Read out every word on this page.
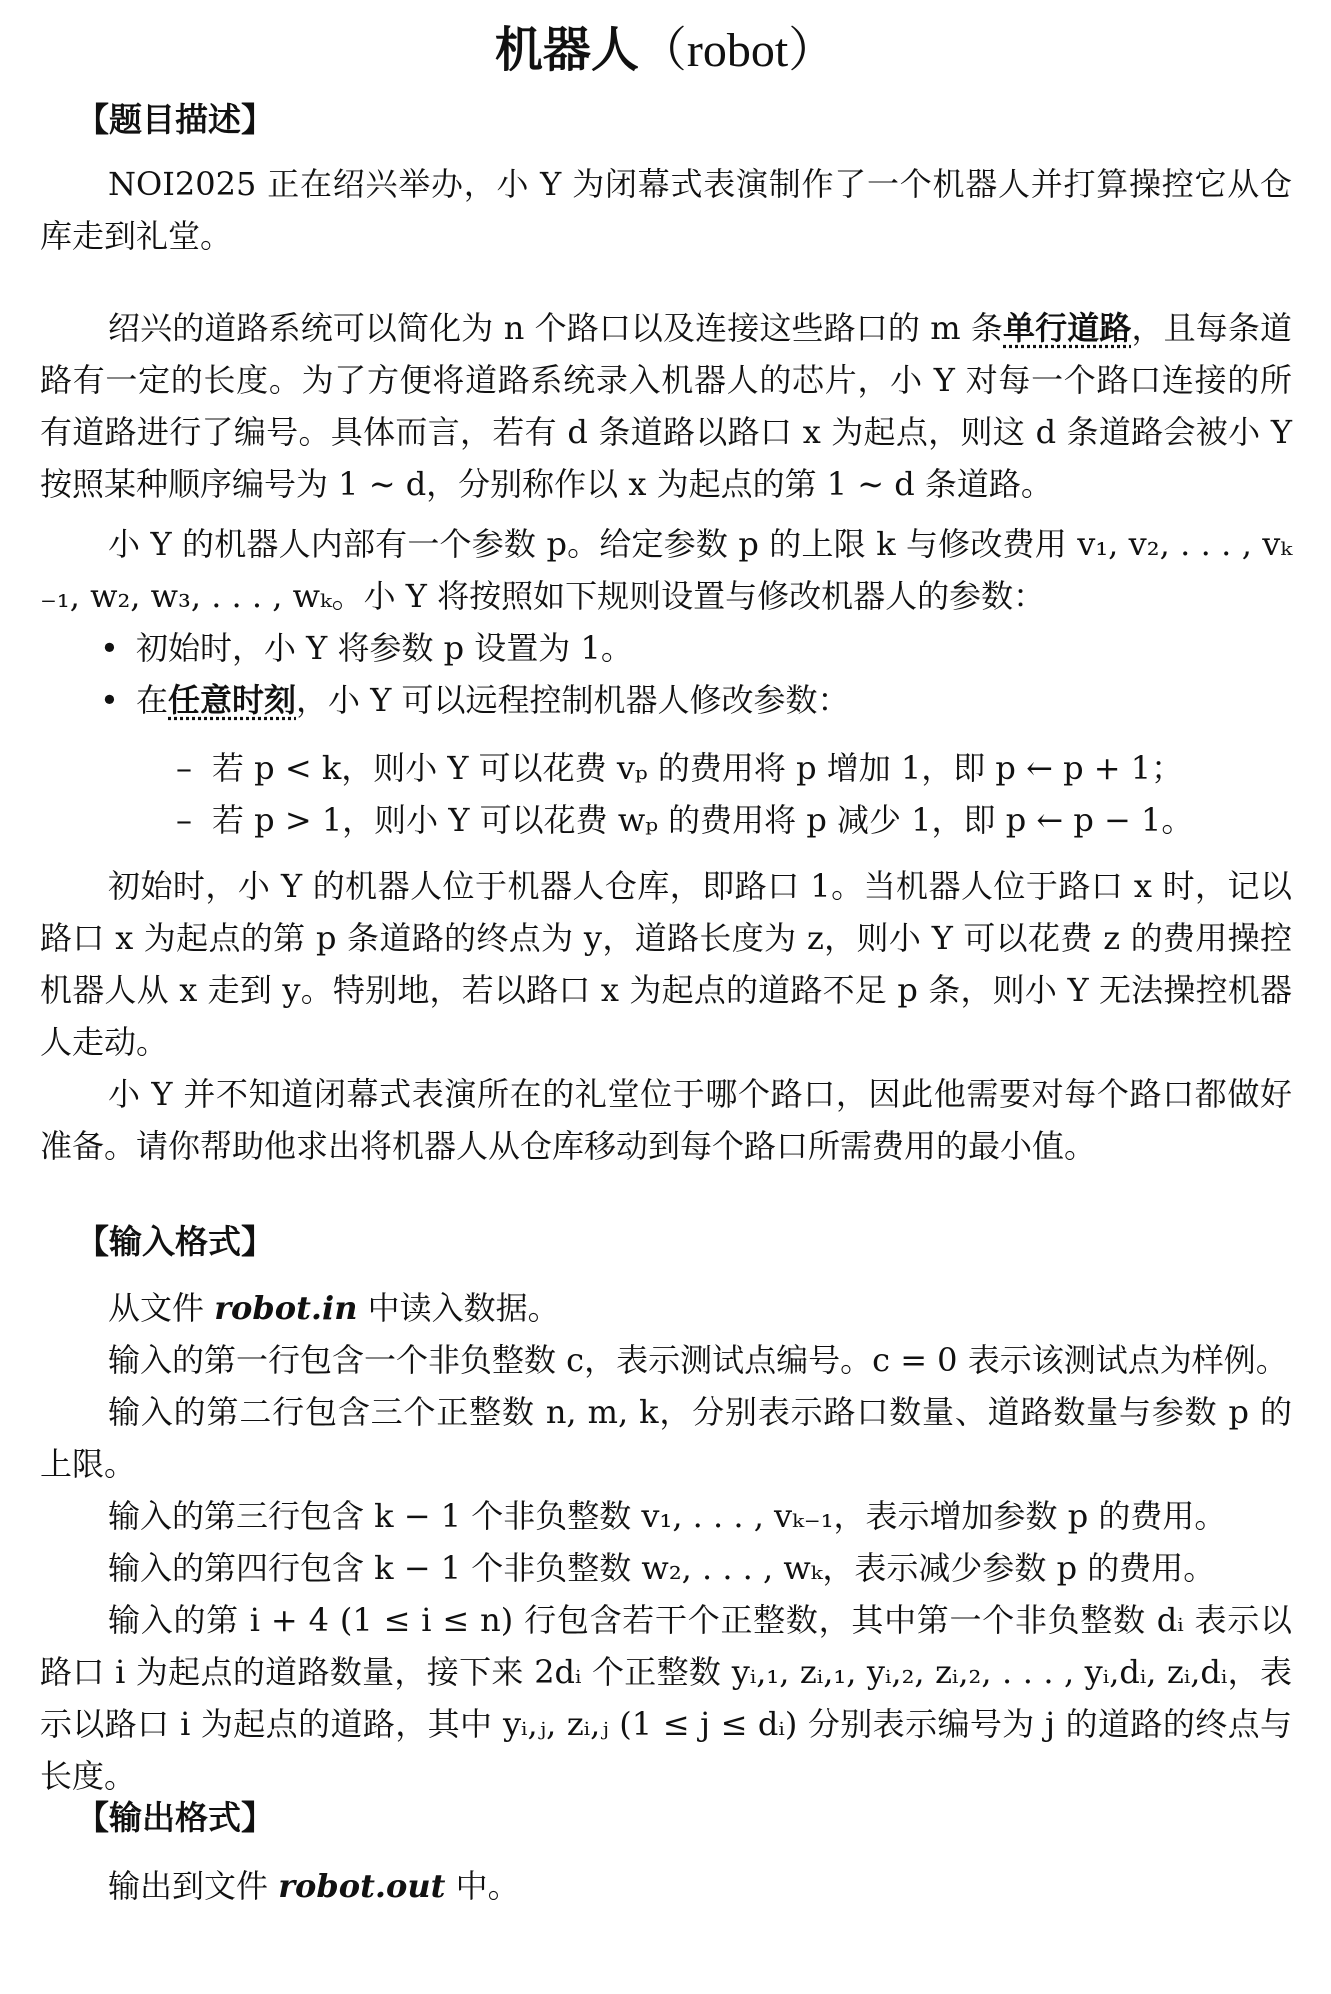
机器人（robot）
【题目描述】
NOI2025 正在绍兴举办，小 Y 为闭幕式表演制作了一个机器人并打算操控它从仓库走到礼堂。
绍兴的道路系统可以简化为 n 个路口以及连接这些路口的 m 条单行道路，且每条道路有一定的长度。为了方便将道路系统录入机器人的芯片，小 Y 对每一个路口连接的所有道路进行了编号。具体而言，若有 d 条道路以路口 x 为起点，则这 d 条道路会被小 Y 按照某种顺序编号为 1 ∼ d，分别称作以 x 为起点的第 1 ∼ d 条道路。
小 Y 的机器人内部有一个参数 p。给定参数 p 的上限 k 与修改费用 v₁, v₂, . . . , vₖ₋₁, w₂, w₃, . . . , wₖ。小 Y 将按照如下规则设置与修改机器人的参数：
• 初始时，小 Y 将参数 p 设置为 1。
• 在任意时刻，小 Y 可以远程控制机器人修改参数：
– 若 p < k，则小 Y 可以花费 vₚ 的费用将 p 增加 1，即 p ← p + 1；
– 若 p > 1，则小 Y 可以花费 wₚ 的费用将 p 减少 1，即 p ← p − 1。
初始时，小 Y 的机器人位于机器人仓库，即路口 1。当机器人位于路口 x 时，记以路口 x 为起点的第 p 条道路的终点为 y，道路长度为 z，则小 Y 可以花费 z 的费用操控机器人从 x 走到 y。特别地，若以路口 x 为起点的道路不足 p 条，则小 Y 无法操控机器人走动。
小 Y 并不知道闭幕式表演所在的礼堂位于哪个路口，因此他需要对每个路口都做好准备。请你帮助他求出将机器人从仓库移动到每个路口所需费用的最小值。
【输入格式】
从文件 robot.in 中读入数据。
输入的第一行包含一个非负整数 c，表示测试点编号。c = 0 表示该测试点为样例。
输入的第二行包含三个正整数 n, m, k，分别表示路口数量、道路数量与参数 p 的上限。
输入的第三行包含 k − 1 个非负整数 v₁, . . . , vₖ₋₁，表示增加参数 p 的费用。
输入的第四行包含 k − 1 个非负整数 w₂, . . . , wₖ，表示减少参数 p 的费用。
输入的第 i + 4 (1 ≤ i ≤ n) 行包含若干个正整数，其中第一个非负整数 dᵢ 表示以路口 i 为起点的道路数量，接下来 2dᵢ 个正整数 yᵢ,₁, zᵢ,₁, yᵢ,₂, zᵢ,₂, . . . , yᵢ,dᵢ, zᵢ,dᵢ，表示以路口 i 为起点的道路，其中 yᵢ,ⱼ, zᵢ,ⱼ (1 ≤ j ≤ dᵢ) 分别表示编号为 j 的道路的终点与长度。
【输出格式】
输出到文件 robot.out 中。
